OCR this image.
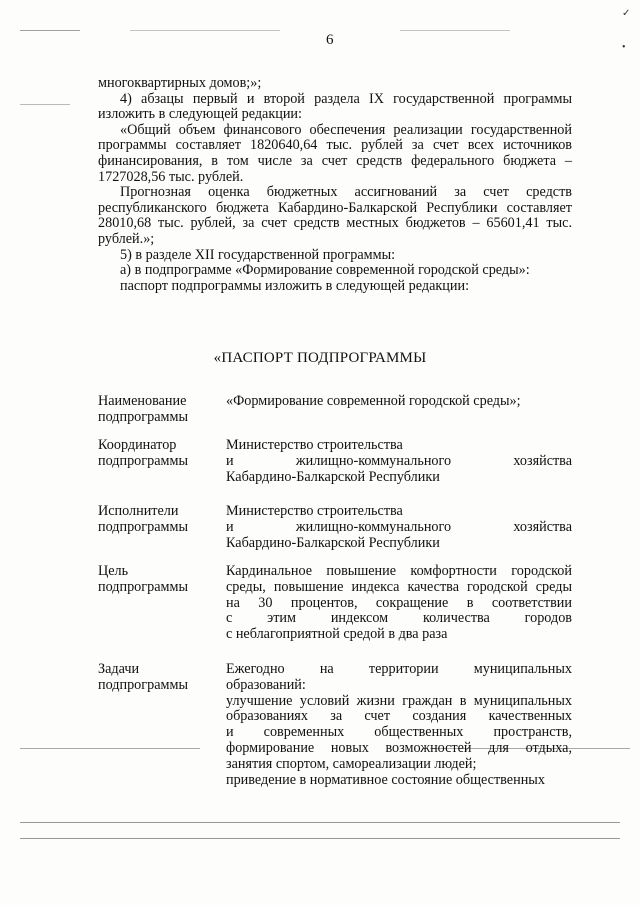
✓
•
6

многоквартирных домов;»;

4) абзацы первый и второй раздела IX государственной программы изложить в следующей редакции:

«Общий объем финансового обеспечения реализации государственной программы составляет 1820640,64 тыс. рублей за счет всех источников финансирования, в том числе за счет средств федерального бюджета – 1727028,56 тыс. рублей.

Прогнозная оценка бюджетных ассигнований за счет средств республиканского бюджета Кабардино-Балкарской Республики составляет 28010,68 тыс. рублей, за счет средств местных бюджетов – 65601,41 тыс. рублей.»;

5) в разделе XII государственной программы:

а) в подпрограмме «Формирование современной городской среды»:

паспорт подпрограммы изложить в следующей редакции:

«ПАСПОРТ ПОДПРОГРАММЫ
Наименование
подпрограммы
«Формирование современной городской среды»;
Координатор
подпрограммы
Министерство строительства
и жилищно-коммунального хозяйства
Кабардино-Балкарской Республики
Исполнители
подпрограммы
Министерство строительства
и жилищно-коммунального хозяйства
Кабардино-Балкарской Республики
Цель
подпрограммы
Кардинальное повышение комфортности городской
среды, повышение индекса качества городской среды
на 30 процентов, сокращение в соответствии
с этим индексом количества городов
с неблагоприятной средой в два раза
Задачи
подпрограммы
Ежегодно на территории муниципальных
образований:
улучшение условий жизни граждан в муниципальных
образованиях за счет создания качественных
и современных общественных пространств,
формирование новых возможностей для отдыха,
занятия спортом, самореализации людей;
приведение в нормативное состояние общественных
